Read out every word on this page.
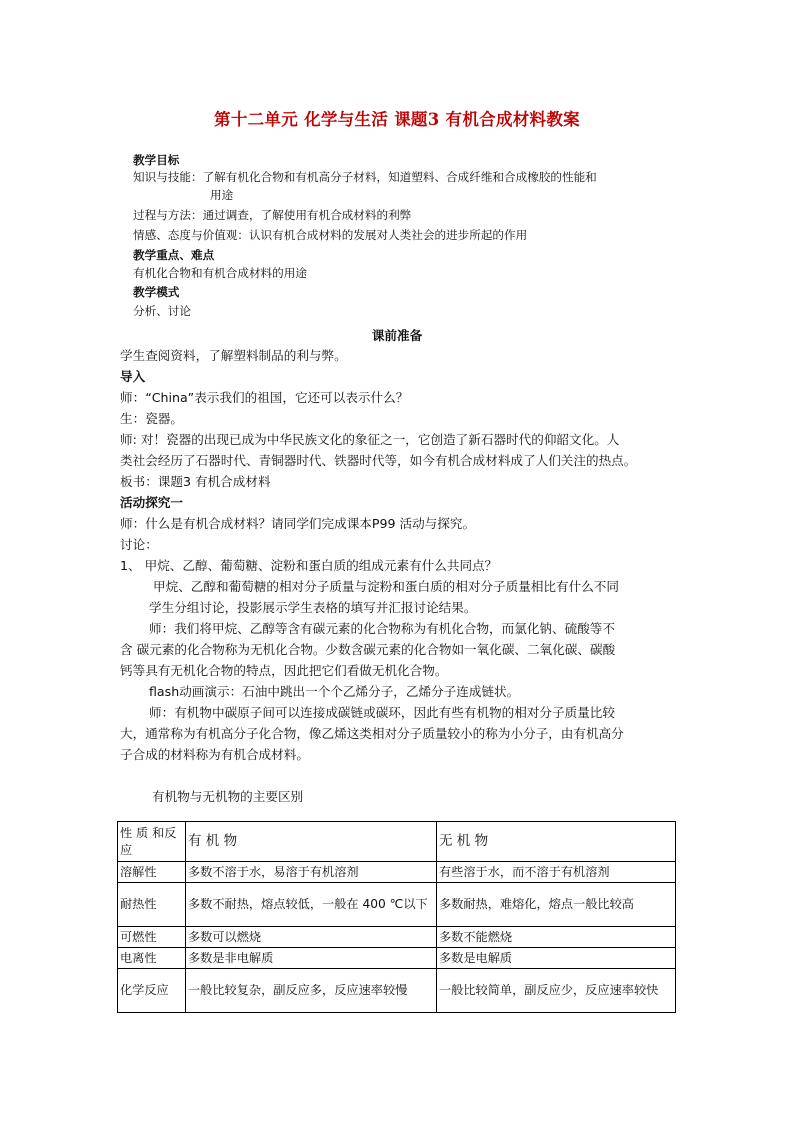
第十二单元 化学与生活 课题3 有机合成材料教案
教学目标
知识与技能：了解有机化合物和有机高分子材料，知道塑料、合成纤维和合成橡胶的性能和
用途
过程与方法：通过调查，了解使用有机合成材料的利弊
情感、态度与价值观：认识有机合成材料的发展对人类社会的进步所起的作用
教学重点、难点
有机化合物和有机合成材料的用途
教学模式
分析、讨论
课前准备
学生查阅资料，了解塑料制品的利与弊。
导入
师：“China”表示我们的祖国，它还可以表示什么？
生：瓷器。
师: 对！瓷器的出现已成为中华民族文化的象征之一，它创造了新石器时代的仰韶文化。人
类社会经历了石器时代、青铜器时代、铁器时代等，如今有机合成材料成了人们关注的热点。
板书：课题3 有机合成材料
活动探究一
师：什么是有机合成材料？请同学们完成课本P99 活动与探究。
讨论：
1、 甲烷、乙醇、葡萄糖、淀粉和蛋白质的组成元素有什么共同点？
甲烷、乙醇和葡萄糖的相对分子质量与淀粉和蛋白质的相对分子质量相比有什么不同
学生分组讨论，投影展示学生表格的填写并汇报讨论结果。
师：我们将甲烷、乙醇等含有碳元素的化合物称为有机化合物，而氯化钠、硫酸等不
含 碳元素的化合物称为无机化合物。少数含碳元素的化合物如一氧化碳、二氧化碳、碳酸
钙等具有无机化合物的特点，因此把它们看做无机化合物。
flash动画演示：石油中跳出一个个乙烯分子，乙烯分子连成链状。
师：有机物中碳原子间可以连接成碳链或碳环，因此有些有机物的相对分子质量比较
大，通常称为有机高分子化合物，像乙烯这类相对分子质量较小的称为小分子，由有机高分
子合成的材料称为有机合成材料。
有机物与无机物的主要区别
性 质 和反应	有 机 物	无 机 物
溶解性	多数不溶于水，易溶于有机溶剂	有些溶于水，而不溶于有机溶剂
耐热性	多数不耐热，熔点较低，一般在 400 ℃以下	多数耐热，难熔化，熔点一般比较高
可燃性	多数可以燃烧	多数不能燃烧
电离性	多数是非电解质	多数是电解质
化学反应	一般比较复杂，副反应多，反应速率较慢	一般比较简单，副反应少，反应速率较快
